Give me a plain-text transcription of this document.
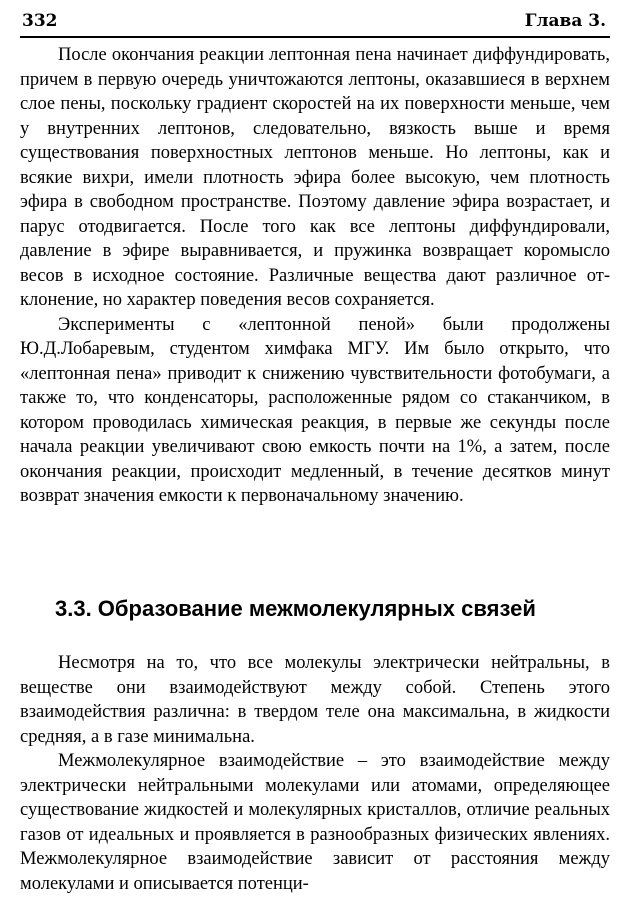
332	Глава 3.

После окончания реакции лептонная пена начинает диффундировать, причем в первую очередь уничтожаются лептоны, оказавшиеся в верхнем слое пены, поскольку градиент скоростей на их поверхности меньше, чем у внутренних лептонов, следовательно, вязкость выше и время существования поверхностных лептонов меньше. Но лептоны, как и всякие вихри, имели плотность эфира более высокую, чем плотность эфира в свободном пространстве. Поэтому давление эфира возрастает, и парус отодвигается. После того как все лептоны диффундировали, давление в эфире выравнивается, и пружинка возвращает коромысло весов в исходное состояние. Различные вещества дают различное отклонение, но характер поведения весов сохраняется.

Эксперименты с «лептонной пеной» были продолжены Ю.Д.Лобаревым, студентом химфака МГУ. Им было открыто, что «лептонная пена» приводит к снижению чувствительности фотобумаги, а также то, что конденсаторы, расположенные рядом со стаканчиком, в котором проводилась химическая реакция, в первые же секунды после начала реакции увеличивают свою емкость почти на 1%, а затем, после окончания реакции, происходит медленный, в течение десятков минут возврат значения емкости к первоначальному значению.

3.3. Образование межмолекулярных связей

Несмотря на то, что все молекулы электрически нейтральны, в веществе они взаимодействуют между собой. Степень этого взаимодействия различна: в твердом теле она максимальна, в жидкости средняя, а в газе минимальна.

Межмолекулярное взаимодействие – это взаимодействие между электрически нейтральными молекулами или атомами, определяющее существование жидкостей и молекулярных кристаллов, отличие реальных газов от идеальных и проявляется в разнообразных физических явлениях. Межмолекулярное взаимодействие зависит от расстояния между молекулами и описывается потенци-
